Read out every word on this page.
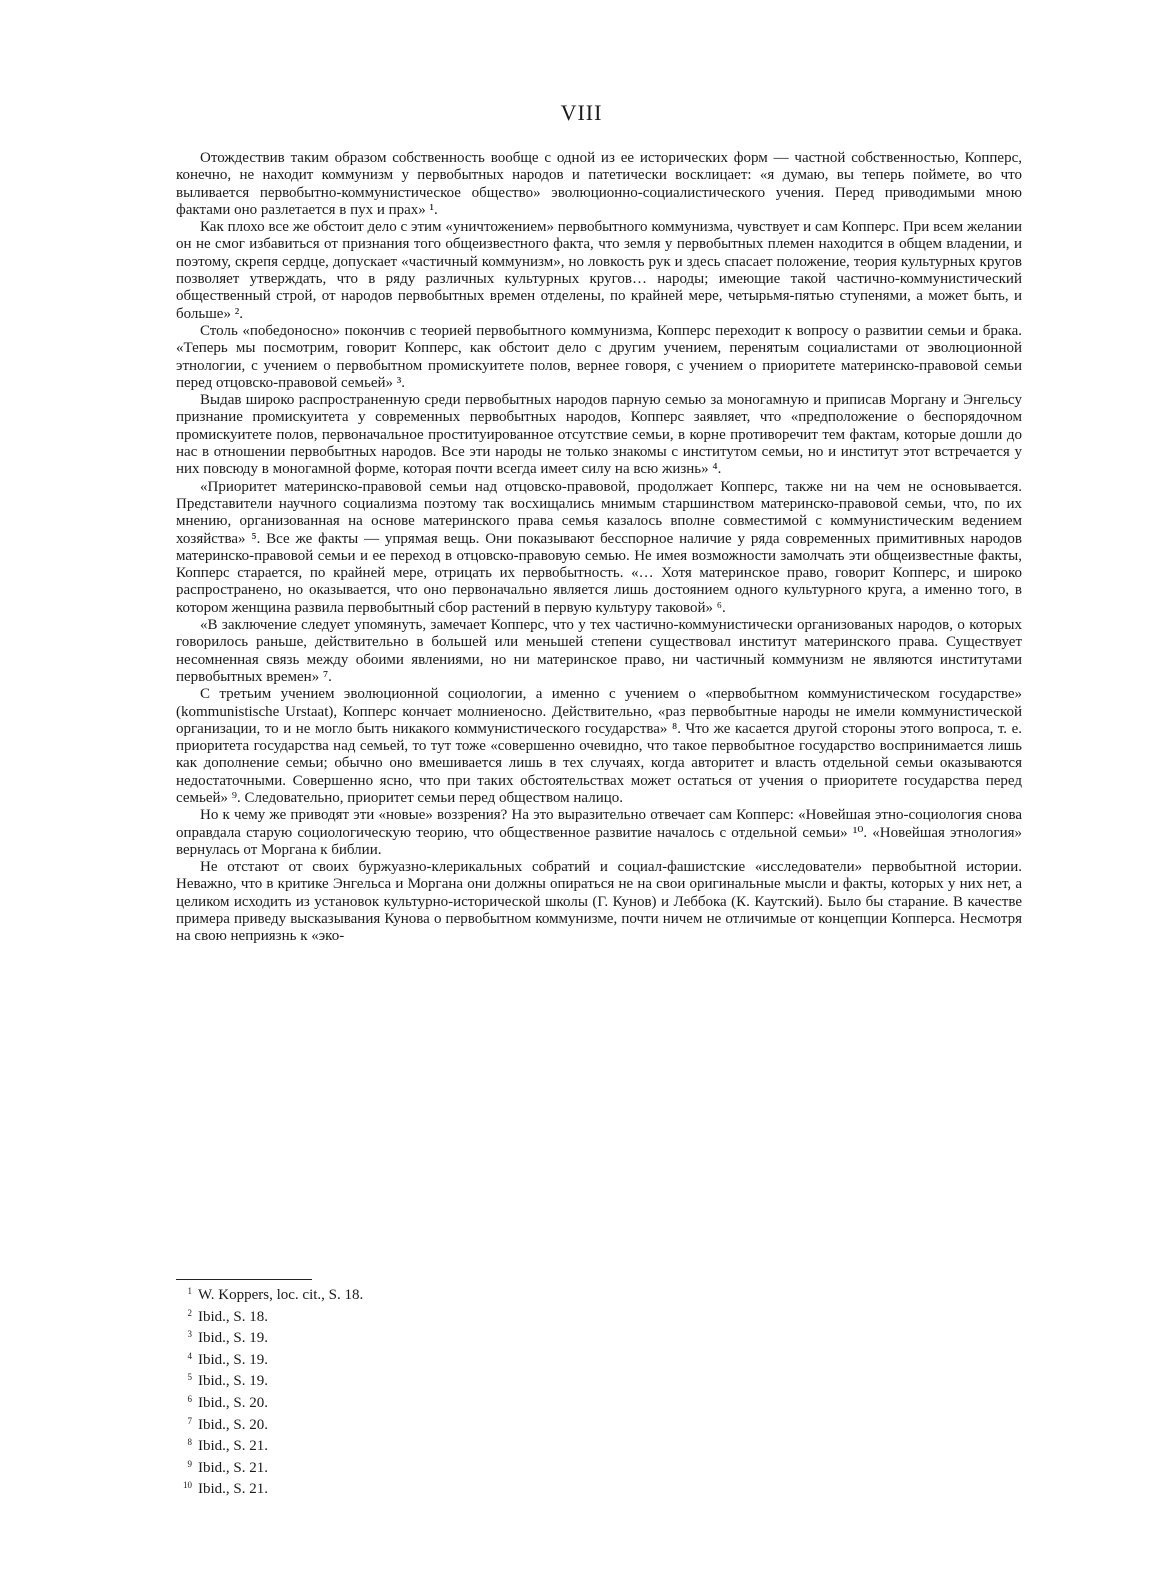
VIII

Отождествив таким образом собственность вообще с одной из ее исторических форм — частной собственностью, Копперс, конечно, не находит коммунизм у первобытных народов и патетически восклицает: «я думаю, вы теперь поймете, во что выливается первобытно-коммунистическое общество» эволюционно-социалистического учения. Перед приводимыми мною фактами оно разлетается в пух и прах» ¹.

Как плохо все же обстоит дело с этим «уничтожением» первобытного коммунизма, чувствует и сам Копперс. При всем желании он не смог избавиться от признания того общеизвестного факта, что земля у первобытных племен находится в общем владении, и поэтому, скрепя сердце, допускает «частичный коммунизм», но ловкость рук и здесь спасает положение, теория культурных кругов позволяет утверждать, что в ряду различных культурных кругов… народы; имеющие такой частично-коммунистический общественный строй, от народов первобытных времен отделены, по крайней мере, четырьмя-пятью ступенями, а может быть, и больше» ².

Столь «победоносно» покончив с теорией первобытного коммунизма, Копперс переходит к вопросу о развитии семьи и брака. «Теперь мы посмотрим, говорит Копперс, как обстоит дело с другим учением, перенятым социалистами от эволюционной этнологии, с учением о первобытном промискуитете полов, вернее говоря, с учением о приоритете материнско-правовой семьи перед отцовско-правовой семьей» ³.

Выдав широко распространенную среди первобытных народов парную семью за моногамную и приписав Моргану и Энгельсу признание промискуитета у современных первобытных народов, Копперс заявляет, что «предположение о беспорядочном промискуитете полов, первоначальное проституированное отсутствие семьи, в корне противоречит тем фактам, которые дошли до нас в отношении первобытных народов. Все эти народы не только знакомы с институтом семьи, но и институт этот встречается у них повсюду в моногамной форме, которая почти всегда имеет силу на всю жизнь» ⁴.

«Приоритет материнско-правовой семьи над отцовско-правовой, продолжает Копперс, также ни на чем не основывается. Представители научного социализма поэтому так восхищались мнимым старшинством материнско-правовой семьи, что, по их мнению, организованная на основе материнского права семья казалось вполне совместимой с коммунистическим ведением хозяйства» ⁵. Все же факты — упрямая вещь. Они показывают бесспорное наличие у ряда современных примитивных народов материнско-правовой семьи и ее переход в отцовско-правовую семью. Не имея возможности замолчать эти общеизвестные факты, Копперс старается, по крайней мере, отрицать их первобытность. «… Хотя материнское право, говорит Копперс, и широко распространено, но оказывается, что оно первоначально является лишь достоянием одного культурного круга, а именно того, в котором женщина развила первобытный сбор растений в первую культуру таковой» ⁶.

«В заключение следует упомянуть, замечает Копперс, что у тех частично-коммунистически организованых народов, о которых говорилось раньше, действительно в большей или меньшей степени существовал институт материнского права. Существует несомненная связь между обоими явлениями, но ни материнское право, ни частичный коммунизм не являются институтами первобытных времен» ⁷.

С третьим учением эволюционной социологии, а именно с учением о «первобытном коммунистическом государстве» (kommunistische Urstaat), Копперс кончает молниеносно. Действительно, «раз первобытные народы не имели коммунистической организации, то и не могло быть никакого коммунистического государства» ⁸. Что же касается другой стороны этого вопроса, т. е. приоритета государства над семьей, то тут тоже «совершенно очевидно, что такое первобытное государство воспринимается лишь как дополнение семьи; обычно оно вмешивается лишь в тех случаях, когда авторитет и власть отдельной семьи оказываются недостаточными. Совершенно ясно, что при таких обстоятельствах может остаться от учения о приоритете государства перед семьей» ⁹. Следовательно, приоритет семьи перед обществом налицо.

Но к чему же приводят эти «новые» воззрения? На это выразительно отвечает сам Копперс: «Новейшая этно-социология снова оправдала старую социологическую теорию, что общественное развитие началось с отдельной семьи» ¹⁰. «Новейшая этнология» вернулась от Моргана к библии.

Не отстают от своих буржуазно-клерикальных собратий и социал-фашистские «исследователи» первобытной истории. Неважно, что в критике Энгельса и Моргана они должны опираться не на свои оригинальные мысли и факты, которых у них нет, а целиком исходить из установок культурно-исторической школы (Г. Кунов) и Леббока (К. Каутский). Было бы старание. В качестве примера приведу высказывания Кунова о первобытном коммунизме, почти ничем не отличимые от концепции Копперса. Несмотря на свою неприязнь к «эко-

1 W. Koppers, loc. cit., S. 18.
2 Ibid., S. 18.
3 Ibid., S. 19.
4 Ibid., S. 19.
5 Ibid., S. 19.
6 Ibid., S. 20.
7 Ibid., S. 20.
8 Ibid., S. 21.
9 Ibid., S. 21.
10 Ibid., S. 21.
